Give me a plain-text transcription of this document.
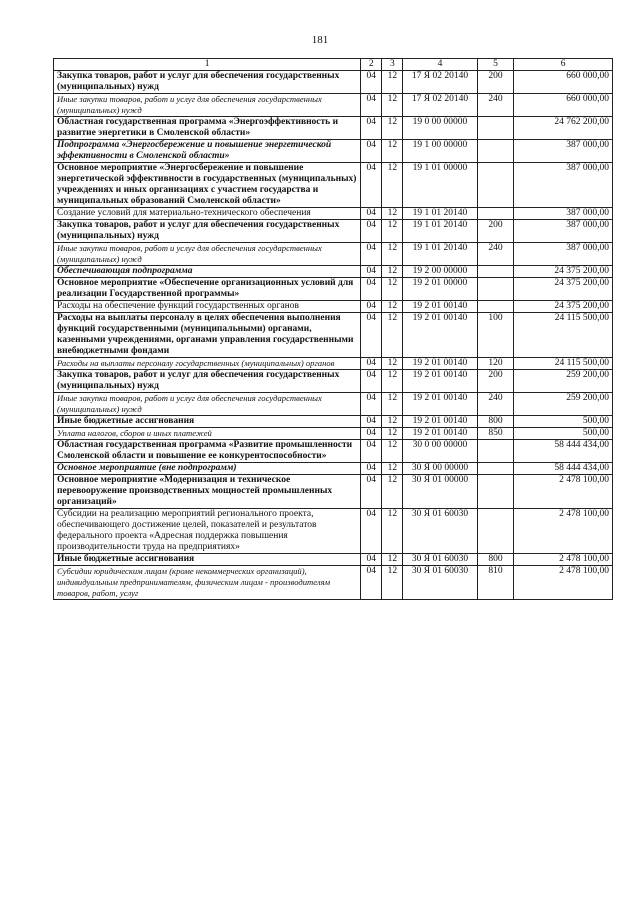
181
1	2	3	4	5	6
Закупка товаров, работ и услуг для обеспечения государственных (муниципальных) нужд	04	12	17 Я 02 20140	200	660 000,00
Иные закупки товаров, работ и услуг для обеспечения государственных (муниципальных) нужд	04	12	17 Я 02 20140	240	660 000,00
Областная государственная программа «Энергоэффективность и развитие энергетики в Смоленской области»	04	12	19 0 00 00000		24 762 200,00
Подпрограмма «Энергосбережение и повышение энергетической эффективности в Смоленской области»	04	12	19 1 00 00000		387 000,00
Основное мероприятие «Энергосбережение и повышение энергетической эффективности в государственных (муниципальных) учреждениях и иных организациях с участием государства и муниципальных образований Смоленской области»	04	12	19 1 01 00000		387 000,00
Создание условий для материально-технического обеспечения	04	12	19 1 01 20140		387 000,00
Закупка товаров, работ и услуг для обеспечения государственных (муниципальных) нужд	04	12	19 1 01 20140	200	387 000,00
Иные закупки товаров, работ и услуг для обеспечения государственных (муниципальных) нужд	04	12	19 1 01 20140	240	387 000,00
Обеспечивающая подпрограмма	04	12	19 2 00 00000		24 375 200,00
Основное мероприятие «Обеспечение организационных условий для реализации Государственной программы»	04	12	19 2 01 00000		24 375 200,00
Расходы на обеспечение функций государственных органов	04	12	19 2 01 00140		24 375 200,00
Расходы на выплаты персоналу в целях обеспечения выполнения функций государственными (муниципальными) органами, казенными учреждениями, органами управления государственными внебюджетными фондами	04	12	19 2 01 00140	100	24 115 500,00
Расходы на выплаты персоналу государственных (муниципальных) органов	04	12	19 2 01 00140	120	24 115 500,00
Закупка товаров, работ и услуг для обеспечения государственных (муниципальных) нужд	04	12	19 2 01 00140	200	259 200,00
Иные закупки товаров, работ и услуг для обеспечения государственных (муниципальных) нужд	04	12	19 2 01 00140	240	259 200,00
Иные бюджетные ассигнования	04	12	19 2 01 00140	800	500,00
Уплата налогов, сборов и иных платежей	04	12	19 2 01 00140	850	500,00
Областная государственная программа «Развитие промышленности Смоленской области и повышение ее конкурентоспособности»	04	12	30 0 00 00000		58 444 434,00
Основное мероприятие (вне подпрограмм)	04	12	30 Я 00 00000		58 444 434,00
Основное мероприятие «Модернизация и техническое перевооружение производственных мощностей промышленных организаций»	04	12	30 Я 01 00000		2 478 100,00
Субсидии на реализацию мероприятий регионального проекта, обеспечивающего достижение целей, показателей и результатов федерального проекта «Адресная поддержка повышения производительности труда на предприятиях»	04	12	30 Я 01 60030		2 478 100,00
Иные бюджетные ассигнования	04	12	30 Я 01 60030	800	2 478 100,00
Субсидии юридическим лицам (кроме некоммерческих организаций), индивидуальным предпринимателям, физическим лицам - производителям товаров, работ, услуг	04	12	30 Я 01 60030	810	2 478 100,00
